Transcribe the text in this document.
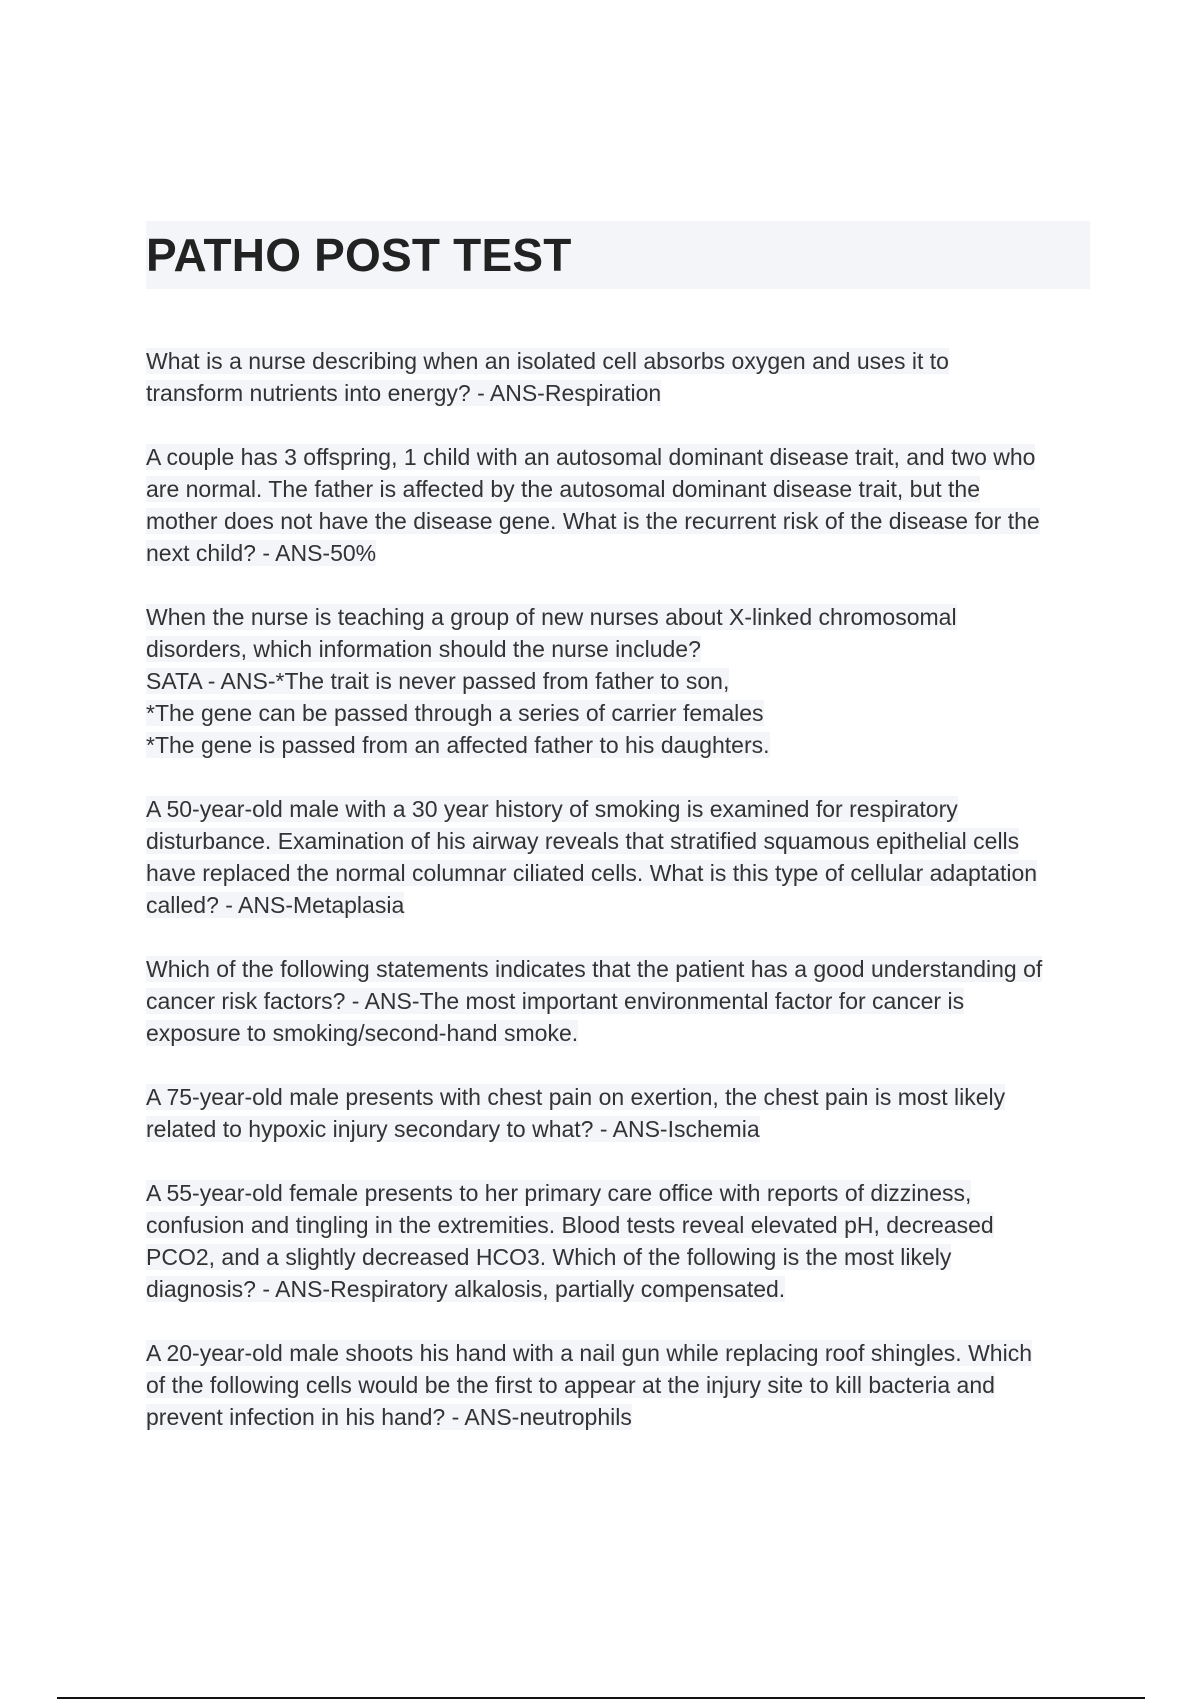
PATHO POST TEST
What is a nurse describing when an isolated cell absorbs oxygen and uses it to
transform nutrients into energy? - ANS-Respiration
A couple has 3 offspring, 1 child with an autosomal dominant disease trait, and two who
are normal. The father is affected by the autosomal dominant disease trait, but the
mother does not have the disease gene. What is the recurrent risk of the disease for the
next child? - ANS-50%
When the nurse is teaching a group of new nurses about X-linked chromosomal
disorders, which information should the nurse include?
SATA - ANS-*The trait is never passed from father to son,
*The gene can be passed through a series of carrier females
*The gene is passed from an affected father to his daughters.
A 50-year-old male with a 30 year history of smoking is examined for respiratory
disturbance. Examination of his airway reveals that stratified squamous epithelial cells
have replaced the normal columnar ciliated cells. What is this type of cellular adaptation
called? - ANS-Metaplasia
Which of the following statements indicates that the patient has a good understanding of
cancer risk factors? - ANS-The most important environmental factor for cancer is
exposure to smoking/second-hand smoke.
A 75-year-old male presents with chest pain on exertion, the chest pain is most likely
related to hypoxic injury secondary to what? - ANS-Ischemia
A 55-year-old female presents to her primary care office with reports of dizziness,
confusion and tingling in the extremities. Blood tests reveal elevated pH, decreased
PCO2, and a slightly decreased HCO3. Which of the following is the most likely
diagnosis? - ANS-Respiratory alkalosis, partially compensated.
A 20-year-old male shoots his hand with a nail gun while replacing roof shingles. Which
of the following cells would be the first to appear at the injury site to kill bacteria and
prevent infection in his hand? - ANS-neutrophils
